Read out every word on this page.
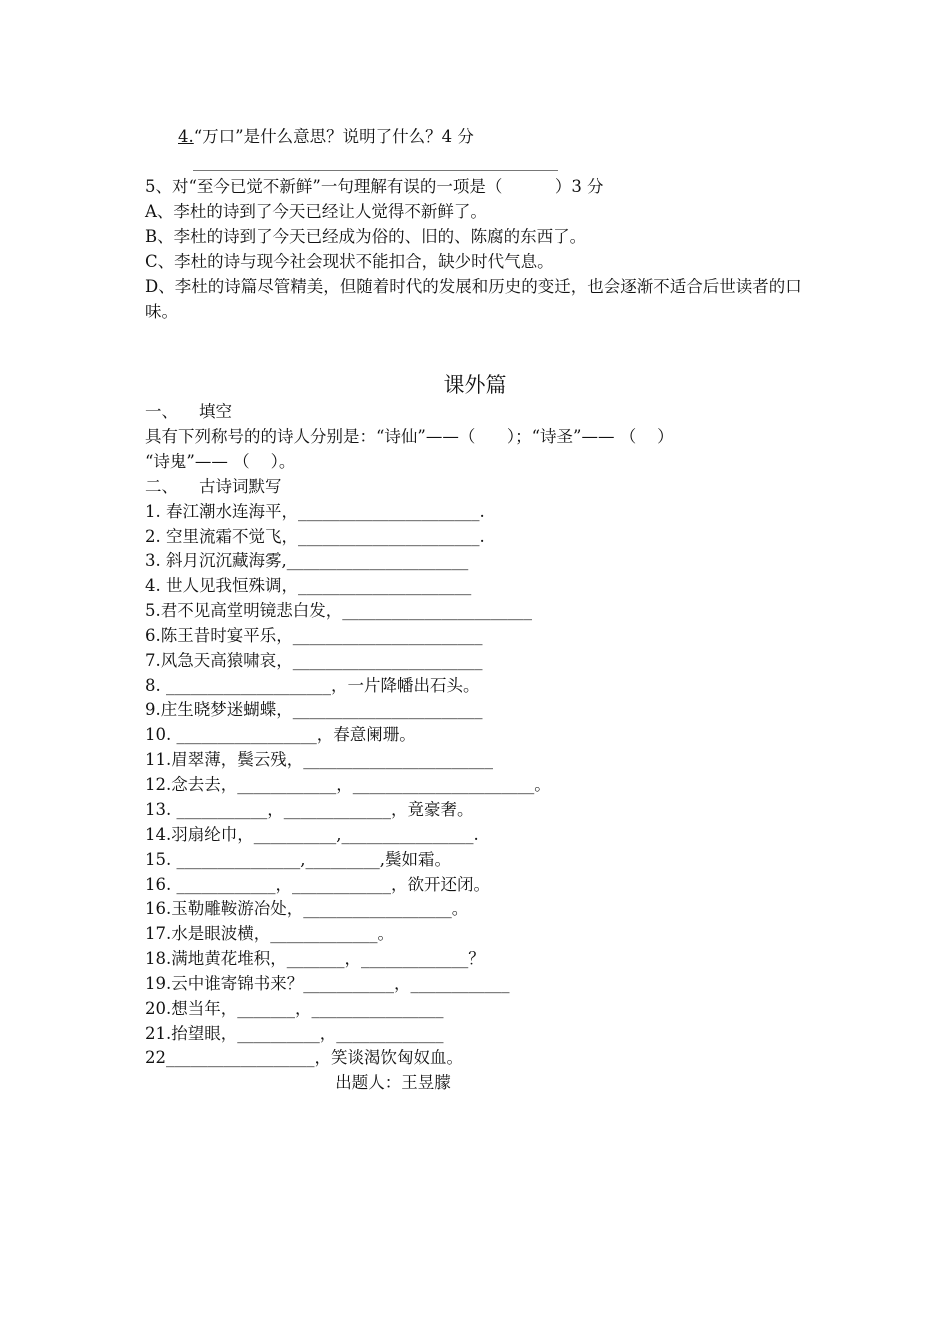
4.“万口”是什么意思？说明了什么？4 分
5、对“至今已觉不新鲜”一句理解有误的一项是（          ）3 分
A、李杜的诗到了今天已经让人觉得不新鲜了。
B、李杜的诗到了今天已经成为俗的、旧的、陈腐的东西了。
C、李杜的诗与现今社会现状不能扣合，缺少时代气息。
D、李杜的诗篇尽管精美，但随着时代的发展和历史的变迁，也会逐渐不适合后世读者的口味。
课外篇
一、    填空
具有下列称号的的诗人分别是：“诗仙”——（      ）；“诗圣”—— （    ）
“诗鬼”—— （    ）。
二、    古诗词默写
1. 春江潮水连海平，______________________.
2. 空里流霜不觉飞，______________________.
3. 斜月沉沉藏海雾,______________________
4. 世人见我恒殊调，_____________________
5.君不见高堂明镜悲白发，_______________________
6.陈王昔时宴平乐，_______________________
7.风急天高猿啸哀，_______________________
8. ____________________，一片降幡出石头。
9.庄生晓梦迷蝴蝶，_______________________
10. _________________，春意阑珊。
11.眉翠薄，鬓云残，_______________________
12.念去去，____________，______________________。
13. ___________，_____________，竟豪奢。
14.羽扇纶巾，__________,________________.
15. _______________,_________,鬓如霜。
16. ____________，____________，欲开还闭。
16.玉勒雕鞍游冶处，__________________。
17.水是眼波横，_____________。
18.满地黄花堆积，_______，_____________？
19.云中谁寄锦书来？___________，____________
20.想当年，_______，________________
21.抬望眼，__________，_____________
22__________________，笑谈渴饮匈奴血。
出题人：王昱朦
